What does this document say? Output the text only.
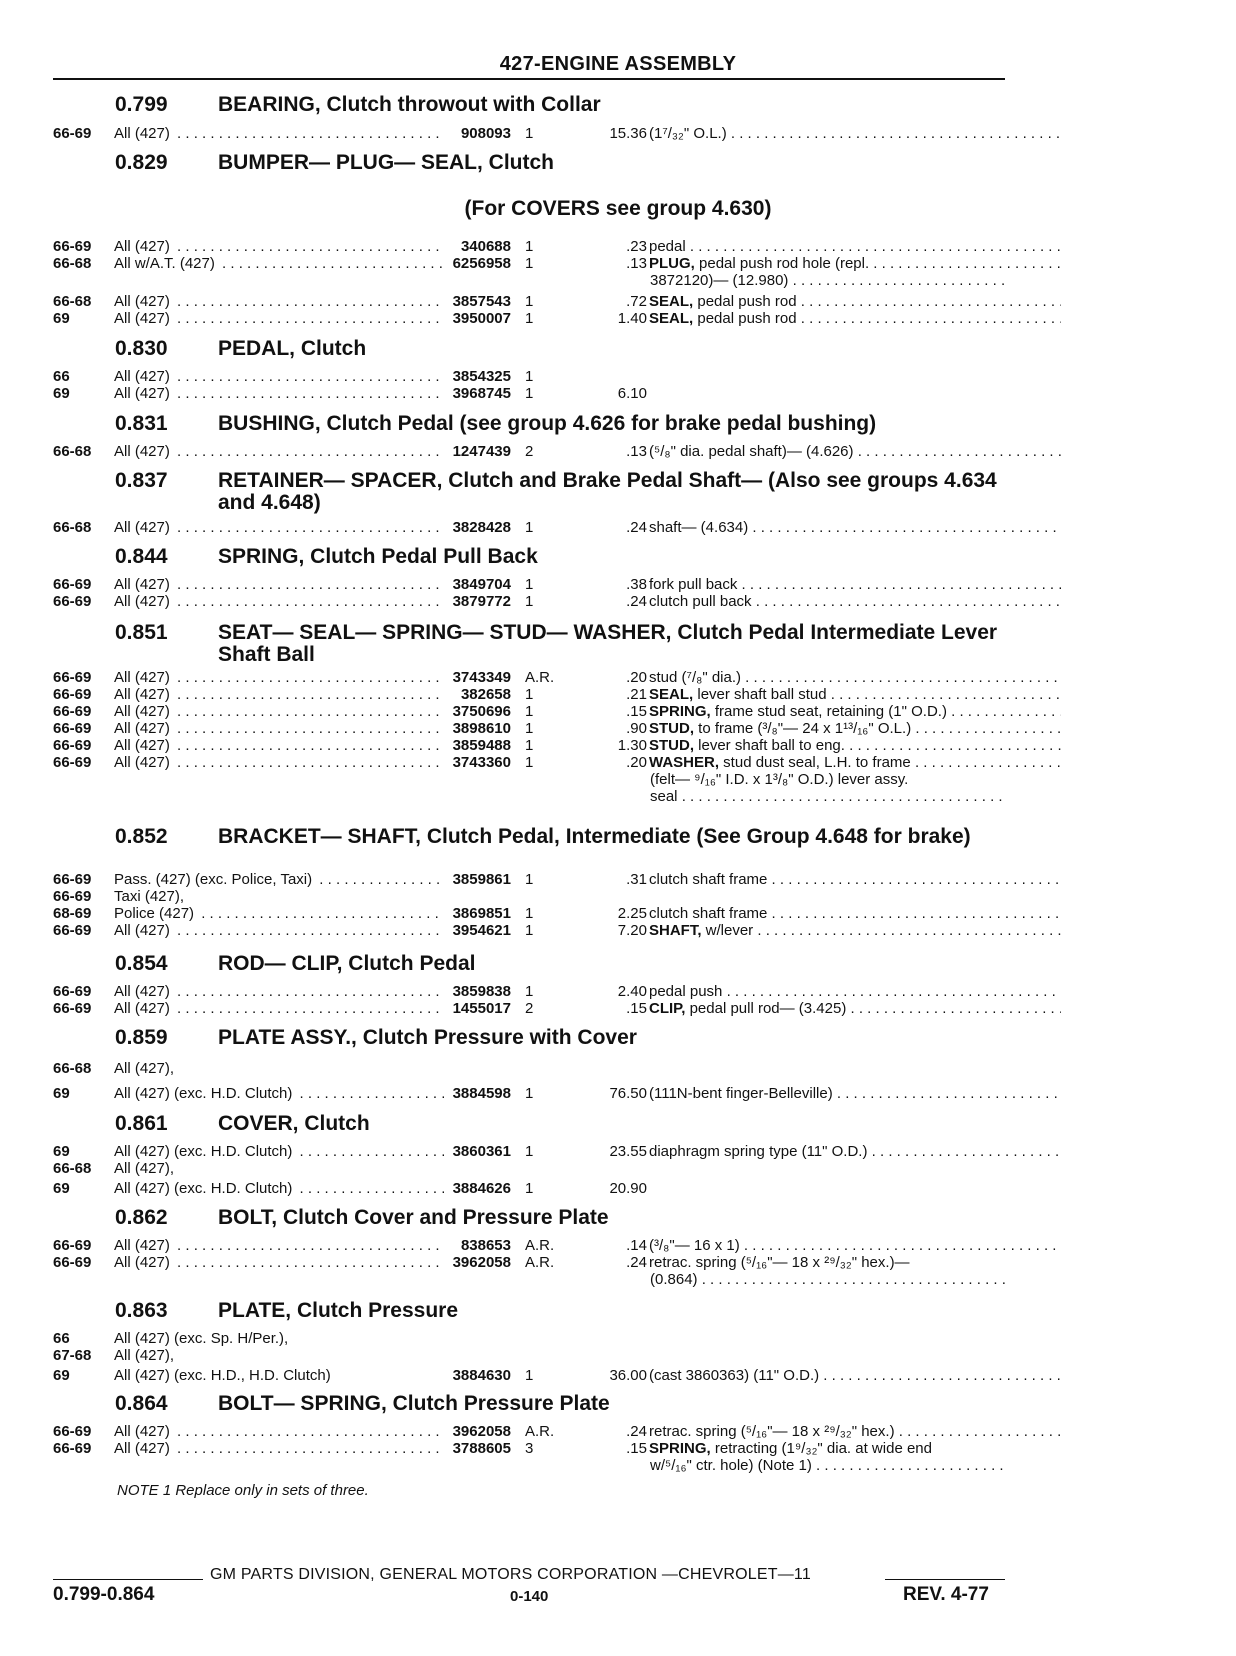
427-ENGINE ASSEMBLY
0.799 BEARING, Clutch throwout with Collar
66-69 All (427) . . .	908093 1	15.36 (1⁷/₃₂" O.L.) . . .
0.829 BUMPER— PLUG— SEAL, Clutch
(For COVERS see group 4.630)
66-69 All (427) . . .	340688 1	.23 pedal . . .
66-68 All w/A.T. (427) . . .	6256958 1	.13 PLUG, pedal push rod hole (repl. . . .
3872120)— (12.980) . . .
66-68 All (427) . . .	3857543 1	.72 SEAL, pedal push rod . . .
69	All (427) . . .	3950007 1	1.40 SEAL, pedal push rod . . .
0.830 PEDAL, Clutch
66	All (427) . . .	3854325 1
69	All (427) . . .	3968745 1	6.10
0.831 BUSHING, Clutch Pedal (see group 4.626 for brake pedal bushing)
66-68 All (427) . . .	1247439 2	.13 (⁵/₈" dia. pedal shaft)— (4.626) . . .
0.837 RETAINER— SPACER, Clutch and Brake Pedal Shaft— (Also see groups 4.634 and 4.648)
66-68 All (427) . . .	3828428 1	.24 shaft— (4.634) . . .
0.844 SPRING, Clutch Pedal Pull Back
66-69 All (427) . . .	3849704 1	.38 fork pull back . . .
66-69 All (427) . . .	3879772 1	.24 clutch pull back . . .
0.851 SEAT— SEAL— SPRING— STUD— WASHER, Clutch Pedal Intermediate Lever Shaft Ball
66-69 All (427) . . .	3743349 A.R.	.20 stud (⁷/₈" dia.) . . .
66-69 All (427) . . .	382658 1	.21 SEAL, lever shaft ball stud . . .
66-69 All (427) . . .	3750696 1	.15 SPRING, frame stud seat, retaining (1" O.D.) . . .
66-69 All (427) . . .	3898610 1	.90 STUD, to frame (³/₈"— 24 x 1¹³/₁₆" O.L.) . . .
66-69 All (427) . . .	3859488 1	1.30 STUD, lever shaft ball to eng. . . .
66-69 All (427) . . .	3743360 1	.20 WASHER, stud dust seal, L.H. to frame . . .
(felt— ⁹/₁₆" I.D. x 1³/₈" O.D.) lever assy.
seal . . .
0.852 BRACKET— SHAFT, Clutch Pedal, Intermediate (See Group 4.648 for brake)
66-69 Pass. (427) (exc. Police, Taxi) . . .	3859861 1	.31 clutch shaft frame . . .
66-69 Taxi (427),
68-69 Police (427) . . .	3869851 1	2.25 clutch shaft frame . . .
66-69 All (427) . . .	3954621 1	7.20 SHAFT, w/lever . . .
0.854 ROD— CLIP, Clutch Pedal
66-69 All (427) . . .	3859838 1	2.40 pedal push . . .
66-69 All (427) . . .	1455017 2	.15 CLIP, pedal pull rod— (3.425) . . .
0.859 PLATE ASSY., Clutch Pressure with Cover
66-68 All (427),
69	All (427) (exc. H.D. Clutch) . . .	3884598 1	76.50 (111N-bent finger-Belleville) . . .
0.861 COVER, Clutch
69	All (427) (exc. H.D. Clutch) . . .	3860361 1	23.55 diaphragm spring type (11" O.D.) . . .
66-68 All (427),
69	All (427) (exc. H.D. Clutch) . . .	3884626 1	20.90
0.862 BOLT, Clutch Cover and Pressure Plate
66-69 All (427) . . .	838653 A.R.	.14 (³/₈"— 16 x 1) . . .
66-69 All (427) . . .	3962058 A.R.	.24 retrac. spring (⁵/₁₆"— 18 x ²⁹/₃₂" hex.)—
(0.864) . . .
0.863 PLATE, Clutch Pressure
66	All (427) (exc. Sp. H/Per.),
67-68 All (427),
69	All (427) (exc. H.D., H.D. Clutch)	3884630 1	36.00 (cast 3860363) (11" O.D.) . . .
0.864 BOLT— SPRING, Clutch Pressure Plate
66-69 All (427) . . .	3962058 A.R.	.24 retrac. spring (⁵/₁₆"— 18 x ²⁹/₃₂" hex.) . . .
66-69 All (427) . . .	3788605 3	.15 SPRING, retracting (1⁹/₃₂" dia. at wide end
w/⁵/₁₆" ctr. hole) (Note 1) . . .
NOTE 1 Replace only in sets of three.
GM PARTS DIVISION, GENERAL MOTORS CORPORATION —CHEVROLET—11
0.799-0.864	0-140	REV. 4-77
